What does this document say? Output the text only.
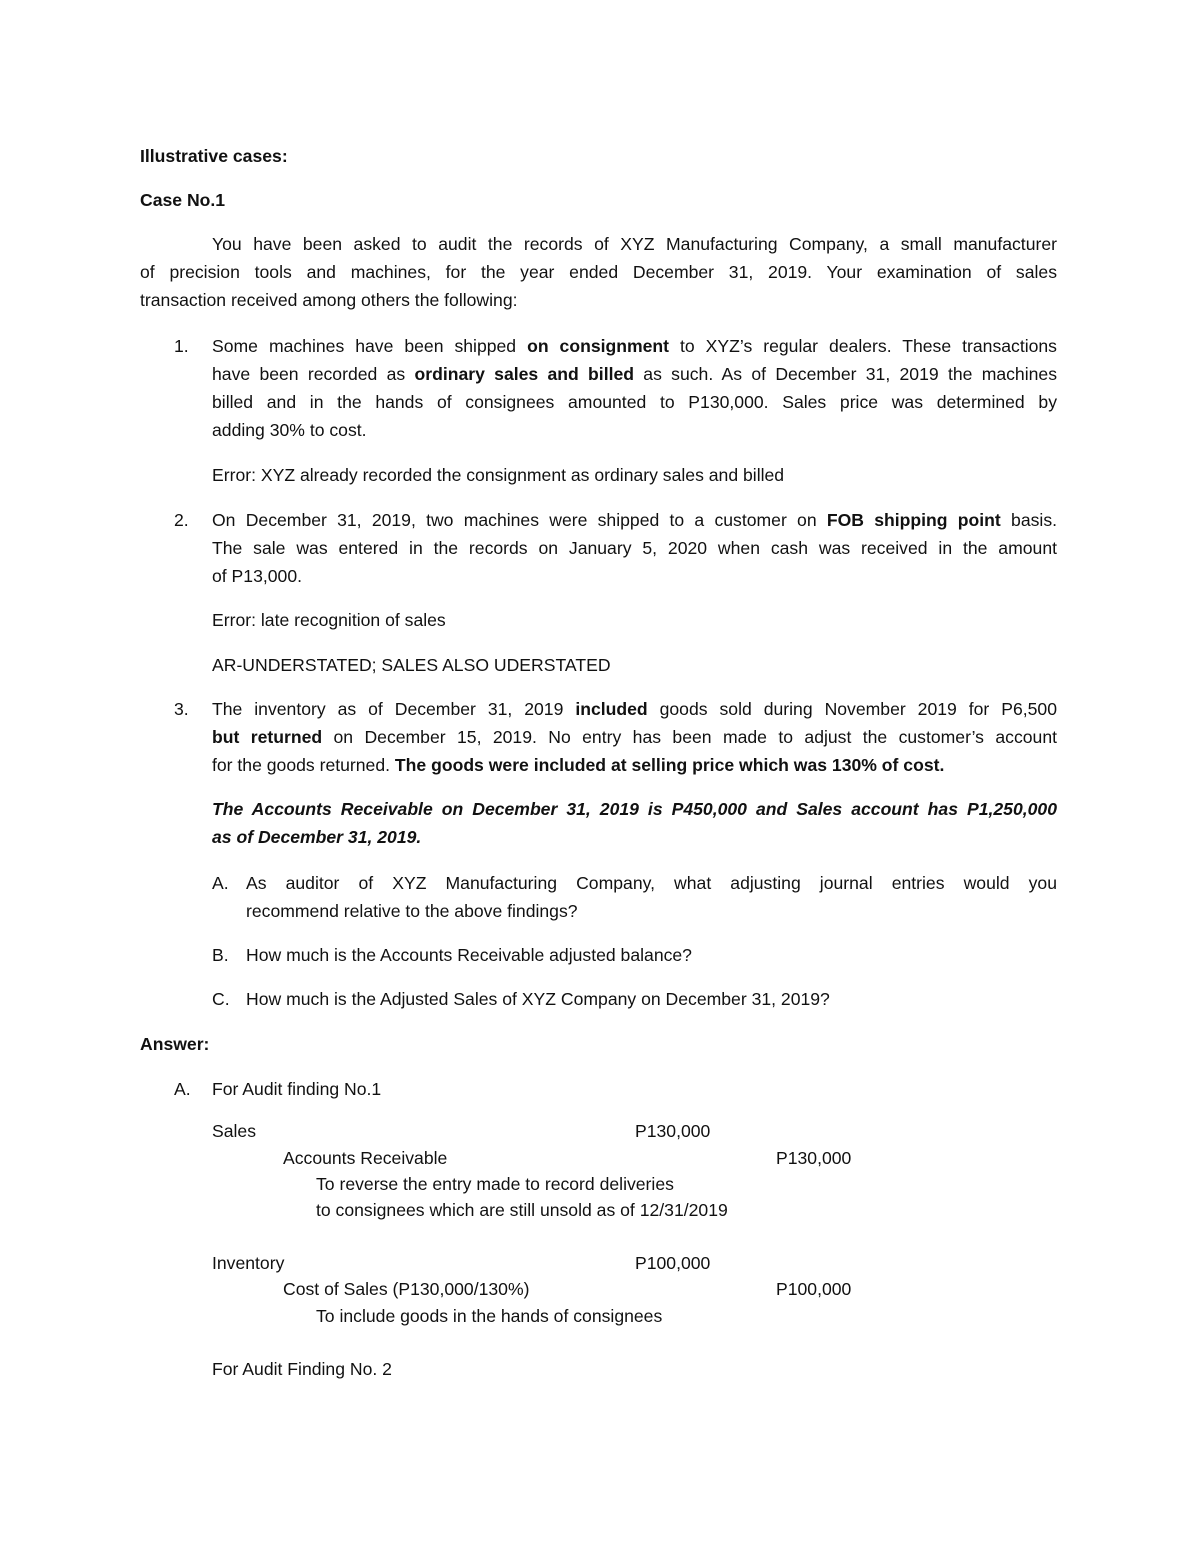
Illustrative cases:
Case No.1
You have been asked to audit the records of XYZ Manufacturing Company, a small manufacturer
of precision tools and machines, for the year ended December 31, 2019. Your examination of sales
transaction received among others the following:
1. Some machines have been shipped on consignment to XYZ’s regular dealers. These transactions
have been recorded as ordinary sales and billed as such. As of December 31, 2019 the machines
billed and in the hands of consignees amounted to P130,000. Sales price was determined by
adding 30% to cost.
Error: XYZ already recorded the consignment as ordinary sales and billed
2. On December 31, 2019, two machines were shipped to a customer on FOB shipping point basis.
The sale was entered in the records on January 5, 2020 when cash was received in the amount
of P13,000.
Error: late recognition of sales
AR-UNDERSTATED; SALES ALSO UDERSTATED
3. The inventory as of December 31, 2019 included goods sold during November 2019 for P6,500
but returned on December 15, 2019. No entry has been made to adjust the customer’s account
for the goods returned. The goods were included at selling price which was 130% of cost.
The Accounts Receivable on December 31, 2019 is P450,000 and Sales account has P1,250,000
as of December 31, 2019.
A. As auditor of XYZ Manufacturing Company, what adjusting journal entries would you
recommend relative to the above findings?
B. How much is the Accounts Receivable adjusted balance?
C. How much is the Adjusted Sales of XYZ Company on December 31, 2019?
Answer:
A. For Audit finding No.1
Sales	P130,000
Accounts Receivable	P130,000
To reverse the entry made to record deliveries
to consignees which are still unsold as of 12/31/2019
Inventory	P100,000
Cost of Sales (P130,000/130%)	P100,000
To include goods in the hands of consignees
For Audit Finding No. 2
